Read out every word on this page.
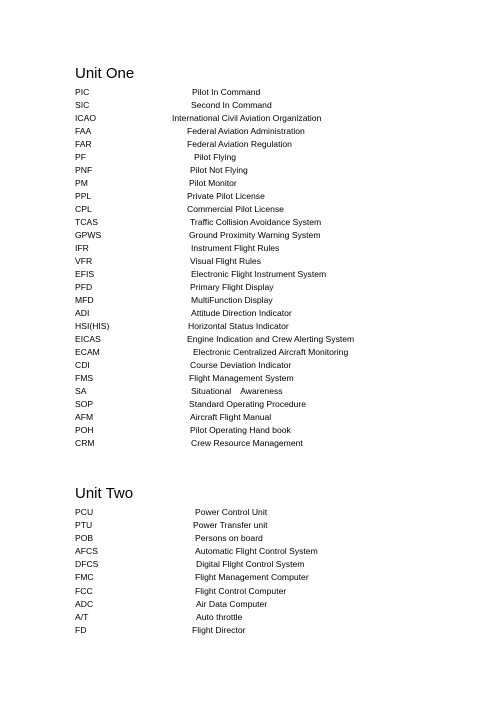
Unit One
PIC	Pilot In Command
SIC	Second In Command
ICAO	International Civil Aviation Organization
FAA	Federal Aviation Administration
FAR	Federal Aviation Regulation
PF	Pilot Flying
PNF	Pilot Not Flying
PM	Pilot Monitor
PPL	Private Pilot License
CPL	Commercial Pilot License
TCAS	Traffic Collision Avoidance System
GPWS	Ground Proximity Warning System
IFR	Instrument Flight Rules
VFR	Visual Flight Rules
EFIS	Electronic Flight Instrument System
PFD	Primary Flight Display
MFD	MultiFunction Display
ADI	Attitude Direction Indicator
HSI(HIS)	Horizontal Status Indicator
EICAS	Engine Indication and Crew Alerting System
ECAM	Electronic Centralized Aircraft Monitoring
CDI	Course Deviation Indicator
FMS	Flight Management System
SA	Situational    Awareness
SOP	Standard Operating Procedure
AFM	Aircraft Flight Manual
POH	Pilot Operating Hand book
CRM	Crew Resource Management
Unit Two
PCU	Power Control Unit
PTU	Power Transfer unit
POB	Persons on board
AFCS	Automatic Flight Control System
DFCS	Digital Flight Control System
FMC	Flight Management Computer
FCC	Flight Control Computer
ADC	Air Data Computer
A/T	Auto throttle
FD	Flight Director
